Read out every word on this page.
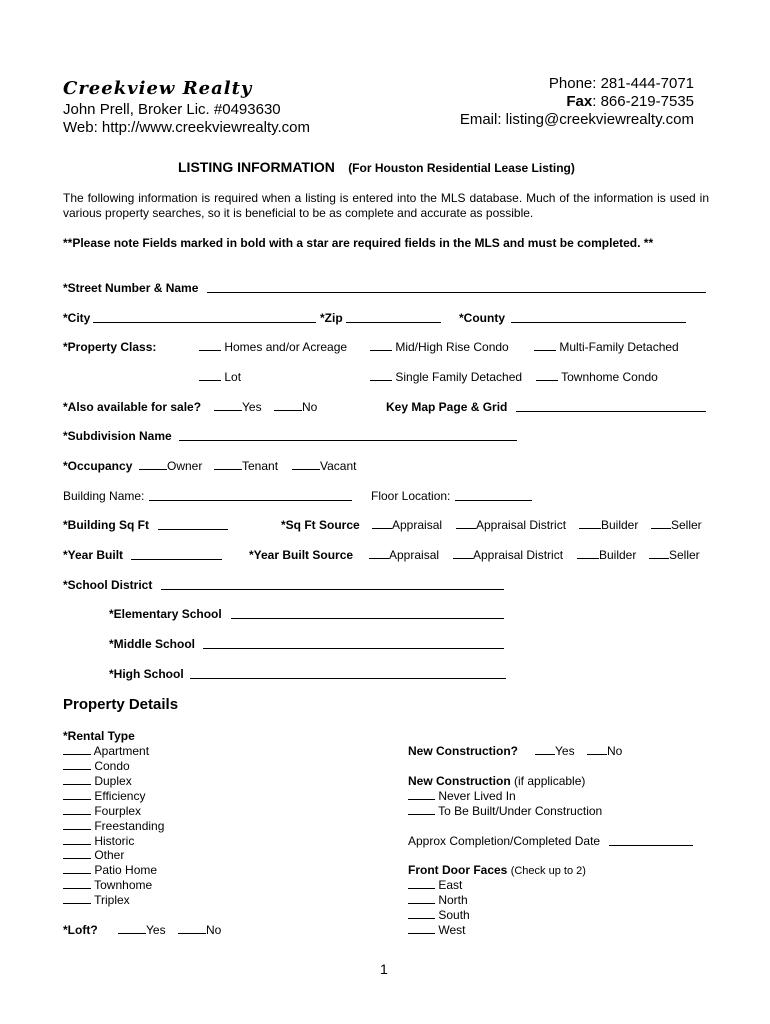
Creekview Realty
John Prell, Broker Lic. #0493630
Web: http://www.creekviewrealty.com
Phone: 281-444-7071
Fax: 866-219-7535
Email: listing@creekviewrealty.com
LISTING INFORMATION (For Houston Residential Lease Listing)
The following information is required when a listing is entered into the MLS database. Much of the information is used in various property searches, so it is beneficial to be as complete and accurate as possible.
**Please note Fields marked in bold with a star are required fields in the MLS and must be completed. **
*Street Number & Name
*City	*Zip	*County
*Property Class:	Homes and/or Acreage	Mid/High Rise Condo	Multi-Family Detached
Lot	Single Family Detached	Townhome Condo
*Also available for sale?	Yes	No	Key Map Page & Grid
*Subdivision Name
*Occupancy	Owner	Tenant	Vacant
Building Name:	Floor Location:
*Building Sq Ft	*Sq Ft Source	Appraisal	Appraisal District	Builder	Seller
*Year Built	*Year Built Source	Appraisal	Appraisal District	Builder	Seller
*School District
*Elementary School
*Middle School
*High School
Property Details
*Rental Type
Apartment
Condo
Duplex
Efficiency
Fourplex
Freestanding
Historic
Other
Patio Home
Townhome
Triplex
*Loft?	Yes	No
New Construction?	Yes	No
New Construction (if applicable)
Never Lived In
To Be Built/Under Construction
Approx Completion/Completed Date
Front Door Faces (Check up to 2)
East
North
South
West
1
